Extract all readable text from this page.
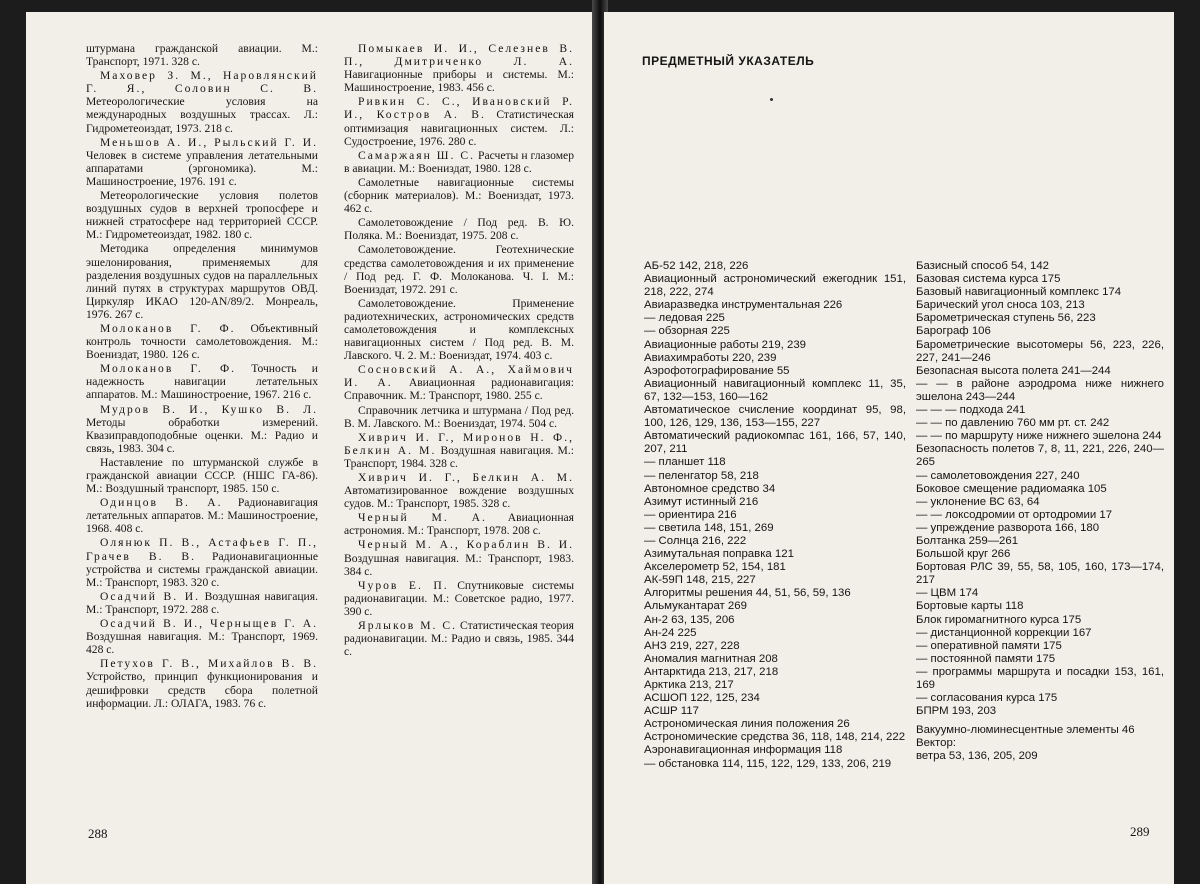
штурмана гражданской авиации. М.: Транспорт, 1971. 328 с.

Маховер З. М., Наровлянский Г. Я., Соловин С. В. Метеорологические условия на международных воздушных трассах. Л.: Гидрометеоиздат, 1973. 218 с.

Меньшов А. И., Рыльский Г. И. Человек в системе управления летательными аппаратами (эргономика). М.: Машиностроение, 1976. 191 с.

Метеорологические условия полетов воздушных судов в верхней тропосфере и нижней стратосфере над территорией СССР. М.: Гидрометеоиздат, 1982. 180 с.

Методика определения минимумов эшелонирования, применяемых для разделения воздушных судов на параллельных линий путях в структурах маршрутов ОВД. Циркуляр ИКАО 120-AN/89/2. Монреаль, 1976. 267 с.

Молоканов Г. Ф. Объективный контроль точности самолетовождения. М.: Воениздат, 1980. 126 с.

Молоканов Г. Ф. Точность и надежность навигации летательных аппаратов. М.: Машиностроение, 1967. 216 с.

Мудров В. И., Кушко В. Л. Методы обработки измерений. Квазиправдоподобные оценки. М.: Радио и связь, 1983. 304 с.

Наставление по штурманской службе в гражданской авиации СССР. (НШС ГА-86). М.: Воздушный транспорт, 1985. 150 с.

Одинцов В. А. Радионавигация летательных аппаратов. М.: Машиностроение, 1968. 408 с.

Олянюк П. В., Астафьев Г. П., Грачев В. В. Радионавигационные устройства и системы гражданской авиации. М.: Транспорт, 1983. 320 с.

Осадчий В. И. Воздушная навигация. М.: Транспорт, 1972. 288 с.

Осадчий В. И., Черныщев Г. А. Воздушная навигация. М.: Транспорт, 1969. 428 с.

Петухов Г. В., Михайлов В. В. Устройство, принцип функционирования и дешифровки средств сбора полетной информации. Л.: ОЛАГА, 1983. 76 с.

Помыкаев И. И., Селезнев В. П., Дмитриченко Л. А. Навигационные приборы и системы. М.: Машиностроение, 1983. 456 с.

Ривкин С. С., Ивановский Р. И., Костров А. В. Статистическая оптимизация навигационных систем. Л.: Судостроение, 1976. 280 с.

Самаржаян Ш. С. Расчеты н глазомер в авиации. М.: Воениздат, 1980. 128 с.

Самолетные навигационные системы (сборник материалов). М.: Воениздат, 1973. 462 с.

Самолетовождение / Под ред. В. Ю. Поляка. М.: Воениздат, 1975. 208 с.

Самолетовождение. Геотехнические средства самолетовождения и их применение / Под ред. Г. Ф. Молоканова. Ч. I. М.: Воениздат, 1972. 291 с.

Самолетовождение. Применение радиотехнических, астрономических средств самолетовождения и комплексных навигационных систем / Под ред. В. М. Лавского. Ч. 2. М.: Воениздат, 1974. 403 с.

Сосновский А. А., Хаймович И. А. Авиационная радионавигация: Справочник. М.: Транспорт, 1980. 255 с.

Справочник летчика и штурмана / Под ред. В. М. Лавского. М.: Воениздат, 1974. 504 с.

Хиврич И. Г., Миронов Н. Ф., Белкин А. М. Воздушная навигация. М.: Транспорт, 1984. 328 с.

Хиврич И. Г., Белкин А. М. Автоматизированное вождение воздушных судов. М.: Транспорт, 1985. 328 с.

Черный М. А. Авиационная астрономия. М.: Транспорт, 1978. 208 с.

Черный М. А., Кораблин В. И. Воздушная навигация. М.: Транспорт, 1983. 384 с.

Чуров Е. П. Спутниковые системы радионавигации. М.: Советское радио, 1977. 390 с.

Ярлыков М. С. Статистическая теория радионавигации. М.: Радио и связь, 1985. 344 с.

288
ПРЕДМЕТНЫЙ УКАЗАТЕЛЬ

АБ-52 142, 218, 226

Авиационный астрономический ежегодник 151, 218, 222, 274

Авиаразведка инструментальная 226

— ледовая 225

— обзорная 225

Авиационные работы 219, 239

Авиахимработы 220, 239

Аэрофотографирование 55

Авиационный навигационный комплекс 11, 35, 67, 132—153, 160—162

Автоматическое счисление координат 95, 98, 100, 126, 129, 136, 153—155, 227

Автоматический радиокомпас 161, 166, 57, 140, 207, 211

— планшет 118

— пеленгатор 58, 218

Автономное средство 34

Азимут истинный 216

— ориентира 216

— светила 148, 151, 269

— Солнца 216, 222

Азимутальная поправка 121

Акселерометр 52, 154, 181

АК-59П 148, 215, 227

Алгоритмы решения 44, 51, 56, 59, 136

Альмукантарат 269

Ан-2 63, 135, 206

Ан-24 225

АНЗ 219, 227, 228

Аномалия магнитная 208

Антарктида 213, 217, 218

Арктика 213, 217

АСШОП 122, 125, 234

АСШР 117

Астрономическая линия положения 26

Астрономические средства 36, 118, 148, 214, 222

Аэронавигационная информация 118

— обстановка 114, 115, 122, 129, 133, 206, 219

Базисный способ 54, 142

Базовая система курса 175

Базовый навигационный комплекс 174

Барический угол сноса 103, 213

Барометрическая ступень 56, 223

Барограф 106

Барометрические высотомеры 56, 223, 226, 227, 241—246

Безопасная высота полета 241—244

— — в районе аэродрома ниже нижнего эшелона 243—244

— — — подхода 241

— — по давлению 760 мм рт. ст. 242

— — по маршруту ниже нижнего эшелона 244

Безопасность полетов 7, 8, 11, 221, 226, 240—265

— самолетовождения 227, 240

Боковое смещение радиомаяка 105

— уклонение ВС 63, 64

— — локсодромии от ортодромии 17

— упреждение разворота 166, 180

Болтанка 259—261

Большой круг 266

Бортовая РЛС 39, 55, 58, 105, 160, 173—174, 217

— ЦВМ 174

Бортовые карты 118

Блок гиромагнитного курса 175

— дистанционной коррекции 167

— оперативной памяти 175

— постоянной памяти 175

— программы маршрута и посадки 153, 161, 169

— согласования курса 175

БПРМ 193, 203

Вакуумно-люминесцентные элементы 46

Вектор:

ветра 53, 136, 205, 209

289
